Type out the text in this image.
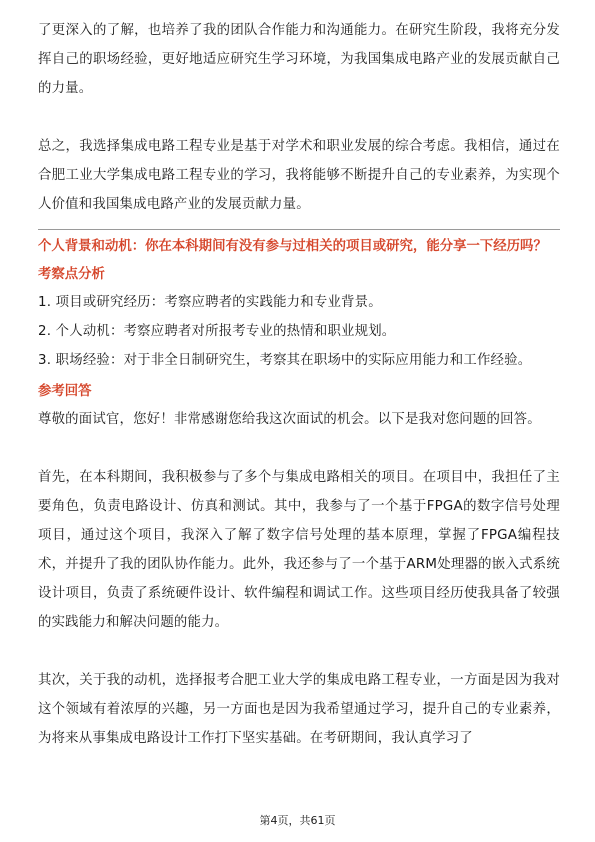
了更深入的了解，也培养了我的团队合作能力和沟通能力。在研究生阶段，我将充分发挥自己的职场经验，更好地适应研究生学习环境，为我国集成电路产业的发展贡献自己的力量。

总之，我选择集成电路工程专业是基于对学术和职业发展的综合考虑。我相信，通过在合肥工业大学集成电路工程专业的学习，我将能够不断提升自己的专业素养，为实现个人价值和我国集成电路产业的发展贡献力量。

个人背景和动机：你在本科期间有没有参与过相关的项目或研究，能分享一下经历吗？

考察点分析

1. 项目或研究经历：考察应聘者的实践能力和专业背景。
2. 个人动机：考察应聘者对所报考专业的热情和职业规划。
3. 职场经验：对于非全日制研究生，考察其在职场中的实际应用能力和工作经验。

参考回答

尊敬的面试官，您好！非常感谢您给我这次面试的机会。以下是我对您问题的回答。

首先，在本科期间，我积极参与了多个与集成电路相关的项目。在项目中，我担任了主要角色，负责电路设计、仿真和测试。其中，我参与了一个基于FPGA的数字信号处理项目，通过这个项目，我深入了解了数字信号处理的基本原理，掌握了FPGA编程技术，并提升了我的团队协作能力。此外，我还参与了一个基于ARM处理器的嵌入式系统设计项目，负责了系统硬件设计、软件编程和调试工作。这些项目经历使我具备了较强的实践能力和解决问题的能力。

其次，关于我的动机，选择报考合肥工业大学的集成电路工程专业，一方面是因为我对这个领域有着浓厚的兴趣，另一方面也是因为我希望通过学习，提升自己的专业素养，为将来从事集成电路设计工作打下坚实基础。在考研期间，我认真学习了

第4页，共61页
